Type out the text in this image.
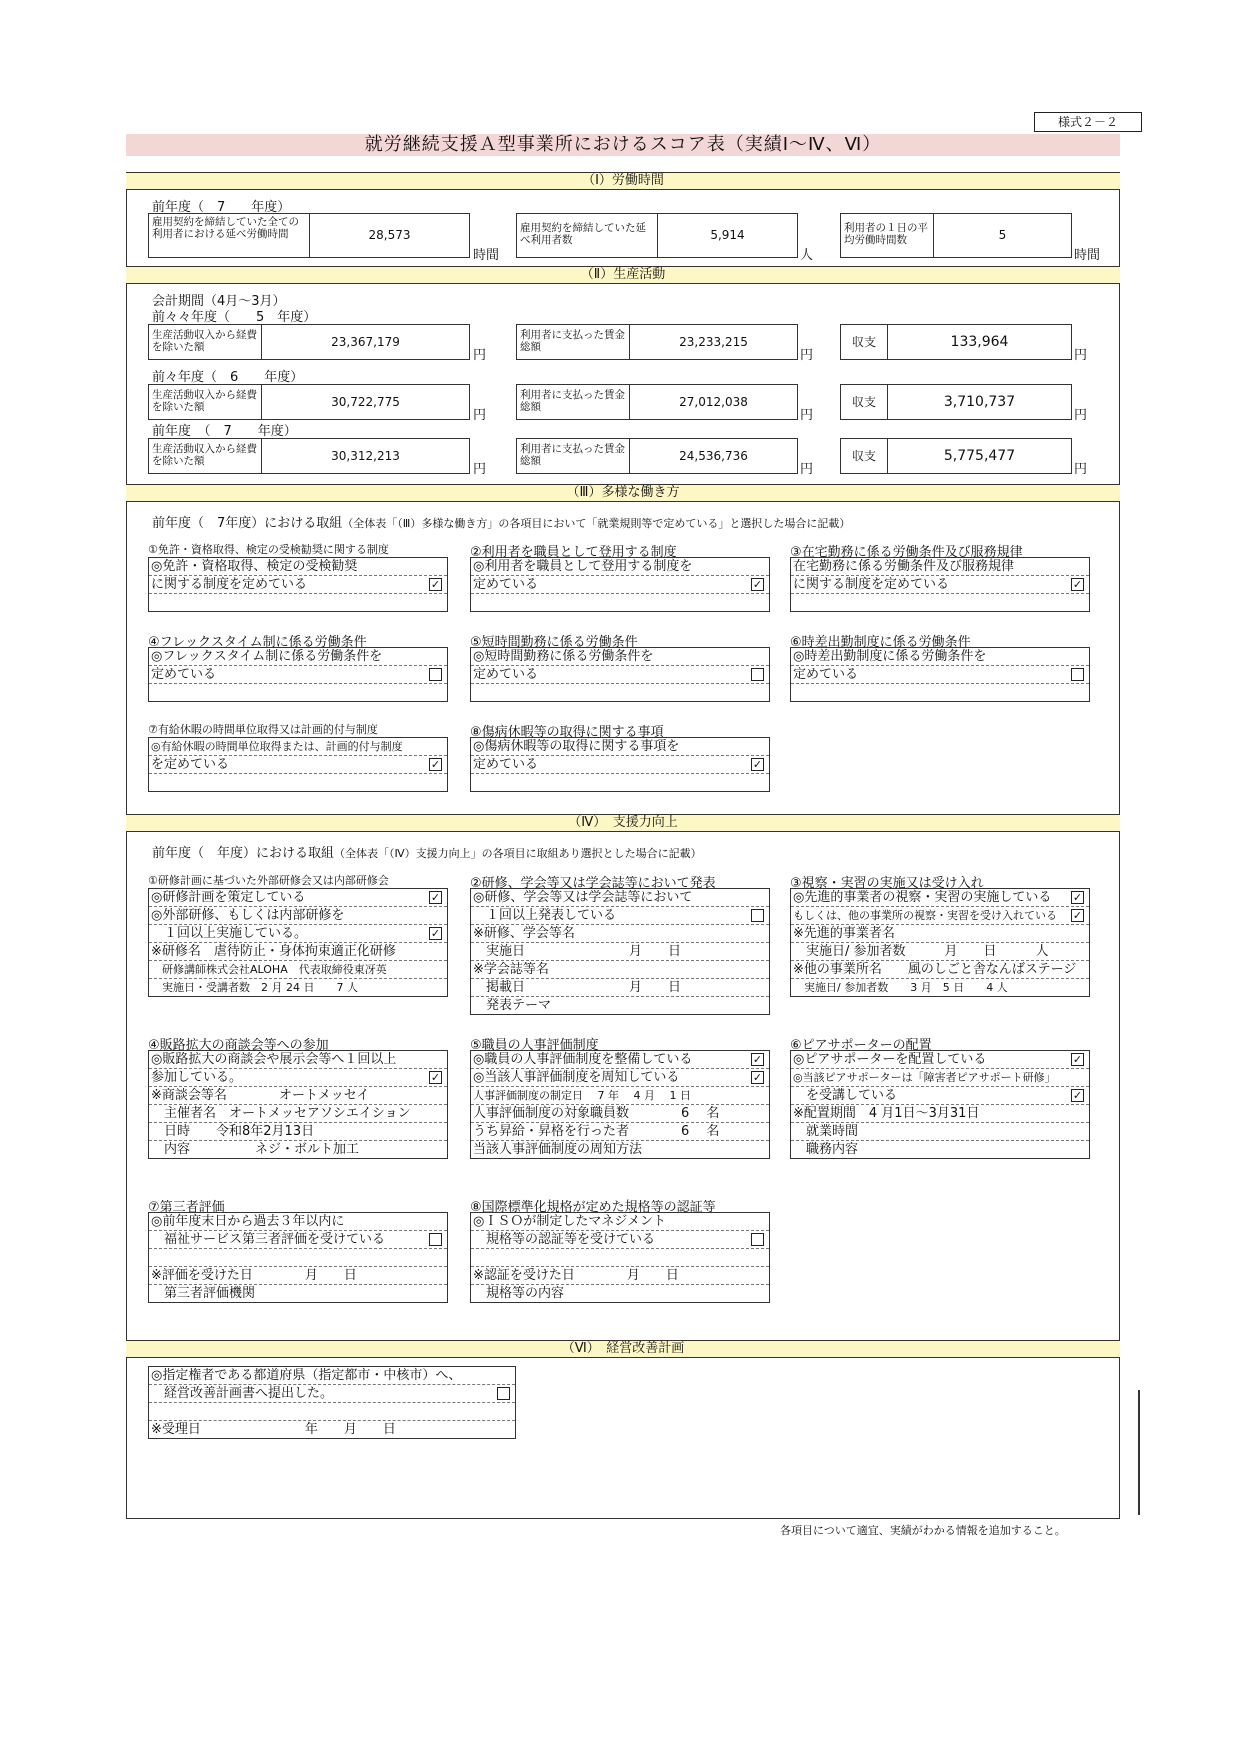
様式２－２
就労継続支援Ａ型事業所におけるスコア表（実績Ⅰ～Ⅳ、Ⅵ）
（Ⅰ）労働時間
前年度（　7　　年度）
雇用契約を締結していた全ての利用者における延べ労働時間	28,573
時間
雇用契約を締結していた延べ利用者数	5,914
人
利用者の１日の平均労働時間数	5
時間
（Ⅱ）生産活動
会計期間（4月～3月）
前々々年度（　　5　年度）
生産活動収入から経費を除いた額	23,367,179
円
利用者に支払った賃金総額	23,233,215
円
収支	133,964
円
前々年度（　6　　年度）
生産活動収入から経費を除いた額	30,722,775
円
利用者に支払った賃金総額	27,012,038
円
収支	3,710,737
円
前年度　（　7　　年度）
生産活動収入から経費を除いた額	30,312,213
円
利用者に支払った賃金総額	24,536,736
円
収支	5,775,477
円
（Ⅲ）多様な働き方
前年度（　7年度）における取組（全体表「（Ⅲ）多様な働き方」の各項目において「就業規則等で定めている」と選択した場合に記載）
①免許・資格取得、検定の受検勧奨に関する制度
◎免許・資格取得、検定の受検勧奨
に関する制度を定めている	✓
②利用者を職員として登用する制度
◎利用者を職員として登用する制度を
定めている	✓
③在宅勤務に係る労働条件及び服務規律
在宅勤務に係る労働条件及び服務規律
に関する制度を定めている	✓
④フレックスタイム制に係る労働条件
◎フレックスタイム制に係る労働条件を
定めている
⑤短時間勤務に係る労働条件
◎短時間勤務に係る労働条件を
定めている
⑥時差出勤制度に係る労働条件
◎時差出勤制度に係る労働条件を
定めている
⑦有給休暇の時間単位取得又は計画的付与制度
◎有給休暇の時間単位取得または、計画的付与制度
を定めている	✓
⑧傷病休暇等の取得に関する事項
◎傷病休暇等の取得に関する事項を
定めている	✓
（Ⅳ）　支援力向上
前年度（　年度）における取組（全体表「（Ⅳ）支援力向上」の各項目に取組あり選択とした場合に記載）
①研修計画に基づいた外部研修会又は内部研修会
◎研修計画を策定している	✓
◎外部研修、もしくは内部研修を
　１回以上実施している。	✓
※研修名　虐待防止・身体拘束適正化研修
　研修講師株式会社ALOHA　代表取締役東冴英
　実施日・受講者数　2 月 24 日　　7 人
②研修、学会等又は学会誌等において発表
◎研修、学会等又は学会誌等において
　１回以上発表している
※研修、学会等名
　実施日　　　　　　　　月　　日
※学会誌等名
　掲載日　　　　　　　　月　　日
　発表テーマ
③視察・実習の実施又は受け入れ
◎先進的事業者の視察・実習の実施している ✓
もしくは、他の事業所の視察・実習を受け入れている ✓
※先進的事業者名
　実施日/ 参加者数　　　月　　日　　　人
※他の事業所名　　風のしごと舎なんばステージ
　実施日/ 参加者数　　3 月　5 日　　4 人
④販路拡大の商談会等への参加
◎販路拡大の商談会や展示会等へ１回以上
参加している。	✓
※商談会等名　　　　オートメッセイ
　主催者名　オートメッセアソシエイション
　日時　　令和8年2月13日
　内容　　　　　ネジ・ボルト加工
⑤職員の人事評価制度
◎職員の人事評価制度を整備している	✓
◎当該人事評価制度を周知している	✓
人事評価制度の制定日　 7 年　 4 月　 1 日
人事評価制度の対象職員数　　　　6　 名
うち昇給・昇格を行った者　　　　6　 名
当該人事評価制度の周知方法
⑥ピアサポーターの配置
◎ピアサポーターを配置している	✓
◎当該ピアサポーターは「障害者ピアサポート研修」
　を受講している	✓
※配置期間　4 月1日～3月31日
　就業時間
　職務内容
⑦第三者評価
◎前年度末日から過去３年以内に
　福祉サービス第三者評価を受けている
※評価を受けた日　　　　月　　日
　第三者評価機関
⑧国際標準化規格が定めた規格等の認証等
◎ＩＳＯが制定したマネジメント
　規格等の認証等を受けている
※認証を受けた日　　　　月　　日
　規格等の内容
（Ⅵ）　経営改善計画
◎指定権者である都道府県（指定都市・中核市）へ、
　経営改善計画書へ提出した。
※受理日　　　　　　　　年　　月　　日
各項目について適宜、実績がわかる情報を追加すること。
